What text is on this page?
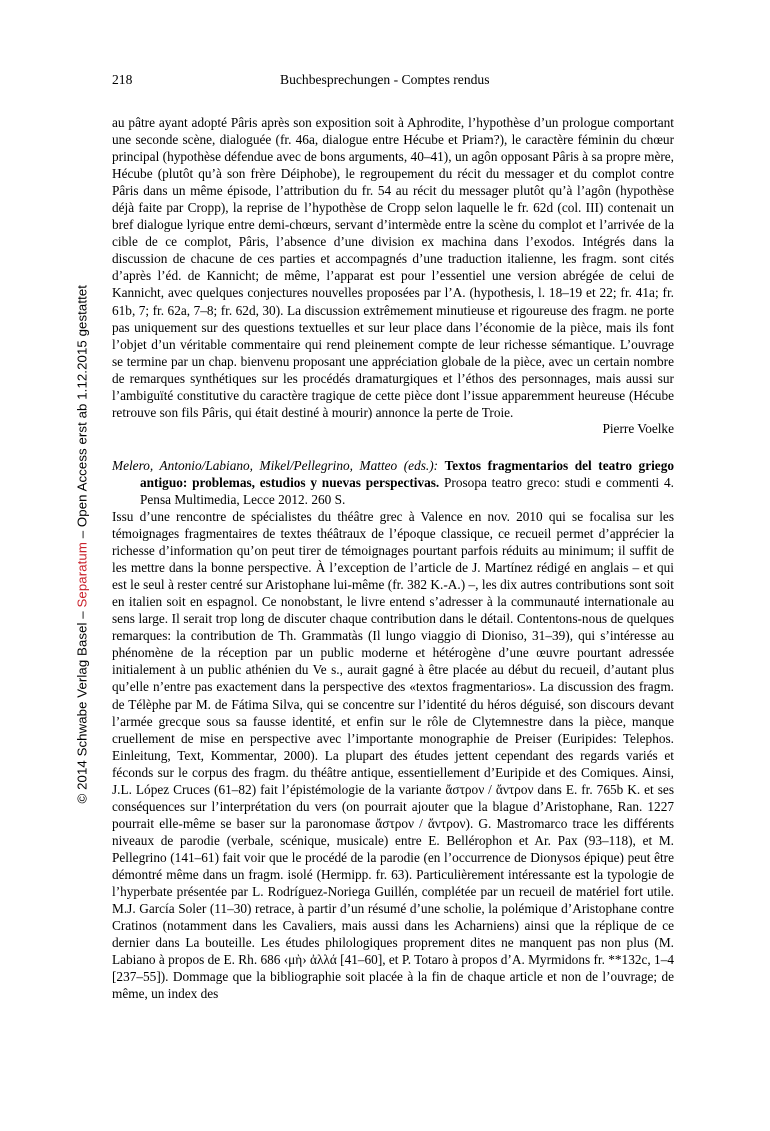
© 2014 Schwabe Verlag Basel – Separatum – Open Access erst ab 1.12.2015 gestattet
218	Buchbesprechungen - Comptes rendus

au pâtre ayant adopté Pâris après son exposition soit à Aphrodite, l’hypothèse d’un prologue comportant une seconde scène, dialoguée (fr. 46a, dialogue entre Hécube et Priam?), le caractère féminin du chœur principal (hypothèse défendue avec de bons arguments, 40–41), un agôn opposant Pâris à sa propre mère, Hécube (plutôt qu’à son frère Déiphobe), le regroupement du récit du messager et du complot contre Pâris dans un même épisode, l’attribution du fr. 54 au récit du messager plutôt qu’à l’agôn (hypothèse déjà faite par Cropp), la reprise de l’hypothèse de Cropp selon laquelle le fr. 62d (col. III) contenait un bref dialogue lyrique entre demi-chœurs, servant d’intermède entre la scène du complot et l’arrivée de la cible de ce complot, Pâris, l’absence d’une division ex machina dans l’exodos. Intégrés dans la discussion de chacune de ces parties et accompagnés d’une traduction italienne, les fragm. sont cités d’après l’éd. de Kannicht; de même, l’apparat est pour l’essentiel une version abrégée de celui de Kannicht, avec quelques conjectures nouvelles proposées par l’A. (hypothesis, l. 18–19 et 22; fr. 41a; fr. 61b, 7; fr. 62a, 7–8; fr. 62d, 30). La discussion extrêmement minutieuse et rigoureuse des fragm. ne porte pas uniquement sur des questions textuelles et sur leur place dans l’économie de la pièce, mais ils font l’objet d’un véritable commentaire qui rend pleinement compte de leur richesse sémantique. L’ouvrage se termine par un chap. bienvenu proposant une appréciation globale de la pièce, avec un certain nombre de remarques synthétiques sur les procédés dramaturgiques et l’éthos des personnages, mais aussi sur l’ambiguïté constitutive du caractère tragique de cette pièce dont l’issue apparemment heureuse (Hécube retrouve son fils Pâris, qui était destiné à mourir) annonce la perte de Troie.

Pierre Voelke

Melero, Antonio/Labiano, Mikel/Pellegrino, Matteo (eds.): Textos fragmentarios del teatro griego antiguo: problemas, estudios y nuevas perspectivas. Prosopa teatro greco: studi e commenti 4. Pensa Multimedia, Lecce 2012. 260 S.

Issu d’une rencontre de spécialistes du théâtre grec à Valence en nov. 2010 qui se focalisa sur les témoignages fragmentaires de textes théâtraux de l’époque classique, ce recueil permet d’apprécier la richesse d’information qu’on peut tirer de témoignages pourtant parfois réduits au minimum; il suffit de les mettre dans la bonne perspective. À l’exception de l’article de J. Martínez rédigé en anglais – et qui est le seul à rester centré sur Aristophane lui-même (fr. 382 K.-A.) –, les dix autres contributions sont soit en italien soit en espagnol. Ce nonobstant, le livre entend s’adresser à la communauté internationale au sens large. Il serait trop long de discuter chaque contribution dans le détail. Contentons-nous de quelques remarques: la contribution de Th. Grammatàs (Il lungo viaggio di Dioniso, 31–39), qui s’intéresse au phénomène de la réception par un public moderne et hétérogène d’une œuvre pourtant adressée initialement à un public athénien du Ve s., aurait gagné à être placée au début du recueil, d’autant plus qu’elle n’entre pas exactement dans la perspective des «textos fragmentarios». La discussion des fragm. de Télèphe par M. de Fátima Silva, qui se concentre sur l’identité du héros déguisé, son discours devant l’armée grecque sous sa fausse identité, et enfin sur le rôle de Clytemnestre dans la pièce, manque cruellement de mise en perspective avec l’importante monographie de Preiser (Euripides: Telephos. Einleitung, Text, Kommentar, 2000). La plupart des études jettent cependant des regards variés et féconds sur le corpus des fragm. du théâtre antique, essentiellement d’Euripide et des Comiques. Ainsi, J.L. López Cruces (61–82) fait l’épistémologie de la variante ἄστρον / ἄντρον dans E. fr. 765b K. et ses conséquences sur l’interprétation du vers (on pourrait ajouter que la blague d’Aristophane, Ran. 1227 pourrait elle-même se baser sur la paronomase ἄστρον / ἄντρον). G. Mastromarco trace les différents niveaux de parodie (verbale, scénique, musicale) entre E. Bellérophon et Ar. Pax (93–118), et M. Pellegrino (141–61) fait voir que le procédé de la parodie (en l’occurrence de Dionysos épique) peut être démontré même dans un fragm. isolé (Hermipp. fr. 63). Particulièrement intéressante est la typologie de l’hyperbate présentée par L. Rodríguez-Noriega Guillén, complétée par un recueil de matériel fort utile. M.J. García Soler (11–30) retrace, à partir d’un résumé d’une scholie, la polémique d’Aristophane contre Cratinos (notamment dans les Cavaliers, mais aussi dans les Acharniens) ainsi que la réplique de ce dernier dans La bouteille. Les études philologiques proprement dites ne manquent pas non plus (M. Labiano à propos de E. Rh. 686 ‹μὴ› ἀλλά [41–60], et P. Totaro à propos d’A. Myrmidons fr. **132c, 1–4 [237–55]). Dommage que la bibliographie soit placée à la fin de chaque article et non de l’ouvrage; de même, un index des
